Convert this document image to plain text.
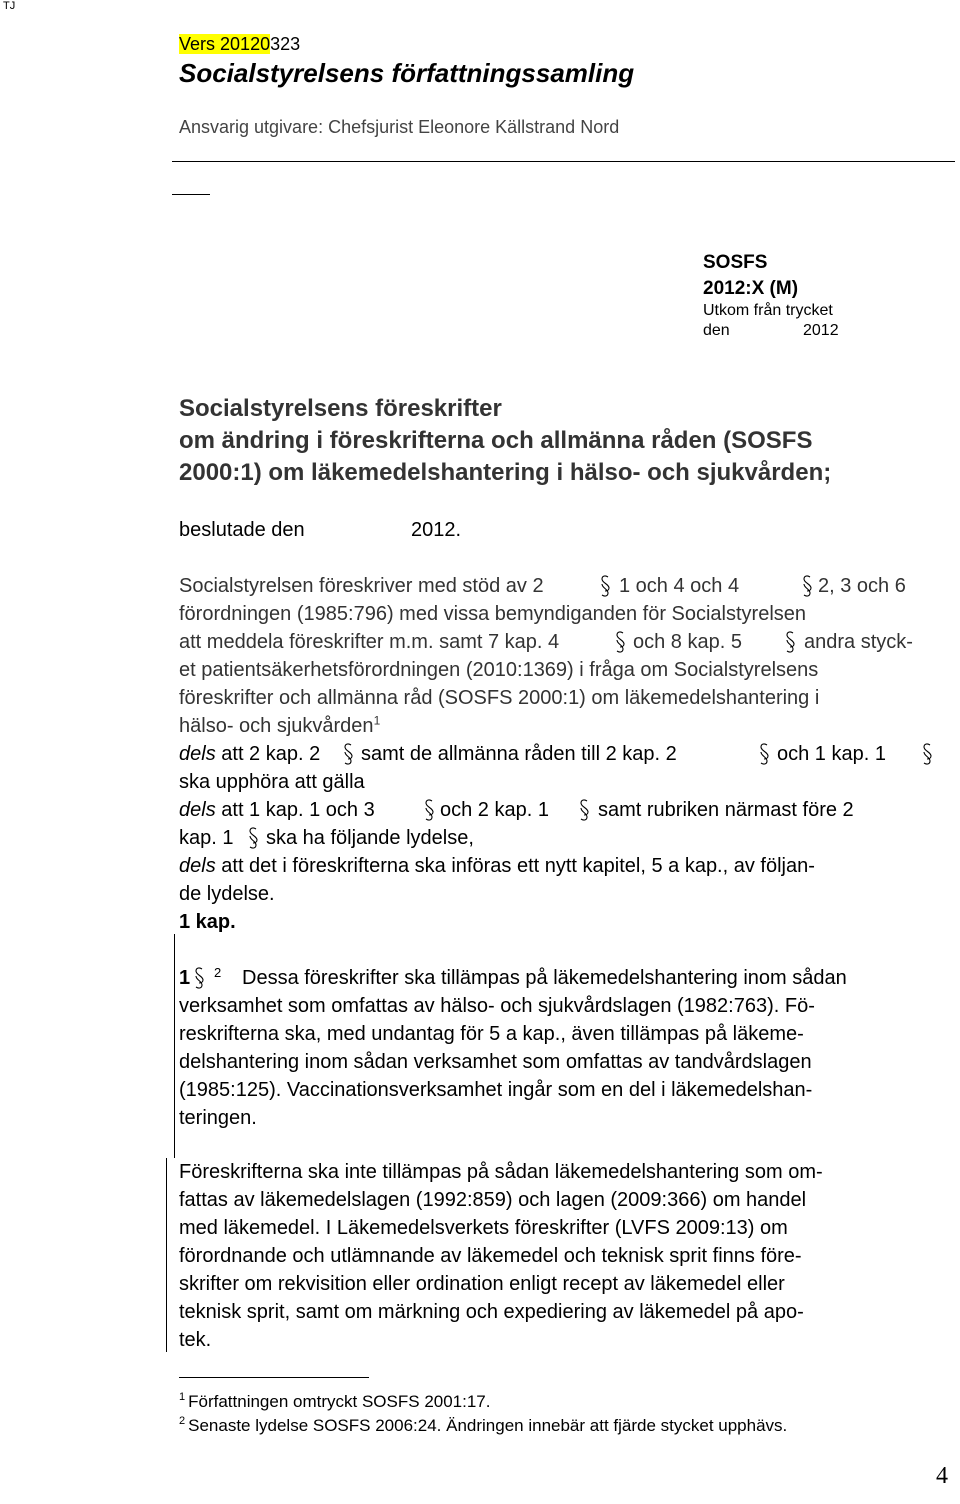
TJ
Vers 20120323
Socialstyrelsens författningssamling
Ansvarig utgivare: Chefsjurist Eleonore Källstrand Nord
SOSFS
2012:X (M)
Utkom från trycket
den	2012
Socialstyrelsens föreskrifter
om ändring i föreskrifterna och allmänna råden (SOSFS
2000:1) om läkemedelshantering i hälso- och sjukvården;
beslutade den	2012.
Socialstyrelsen föreskriver med stöd av 2	1 och 4 och 4	2, 3 och 6
förordningen (1985:796) med vissa bemyndiganden för Socialstyrelsen
att meddela föreskrifter m.m. samt 7 kap. 4	och 8 kap. 5	andra styck-
et patientsäkerhetsförordningen (2010:1369) i fråga om Socialstyrelsens
föreskrifter och allmänna råd (SOSFS 2000:1) om läkemedelshantering i
hälso- och sjukvården$^1$
dels att 2 kap. 2 samt de allmänna råden till 2 kap. 2	och 1 kap. 1
ska upphöra att gälla
dels att 1 kap. 1 och 3	och 2 kap. 1 samt rubriken närmast före 2
kap. 1 ska ha följande lydelse,
dels att det i föreskrifterna ska införas ett nytt kapitel, 5 a kap., av följan-
de lydelse.
1 kap.
1 2 Dessa föreskrifter ska tillämpas på läkemedelshantering inom sådan
verksamhet som omfattas av hälso- och sjukvårdslagen (1982:763). Fö-
reskrifterna ska, med undantag för 5 a kap., även tillämpas på läkeme-
delshantering inom sådan verksamhet som omfattas av tandvårdslagen
(1985:125). Vaccinationsverksamhet ingår som en del i läkemedelshan-
teringen.
Föreskrifterna ska inte tillämpas på sådan läkemedelshantering som om-
fattas av läkemedelslagen (1992:859) och lagen (2009:366) om handel
med läkemedel. I Läkemedelsverkets föreskrifter (LVFS 2009:13) om
förordnande och utlämnande av läkemedel och teknisk sprit finns före-
skrifter om rekvisition eller ordination enligt recept av läkemedel eller
teknisk sprit, samt om märkning och expediering av läkemedel på apo-
tek.
$^1$ Författningen omtryckt SOSFS 2001:17.
$^2$ Senaste lydelse SOSFS 2006:24. Ändringen innebär att fjärde stycket upphävs.
4
